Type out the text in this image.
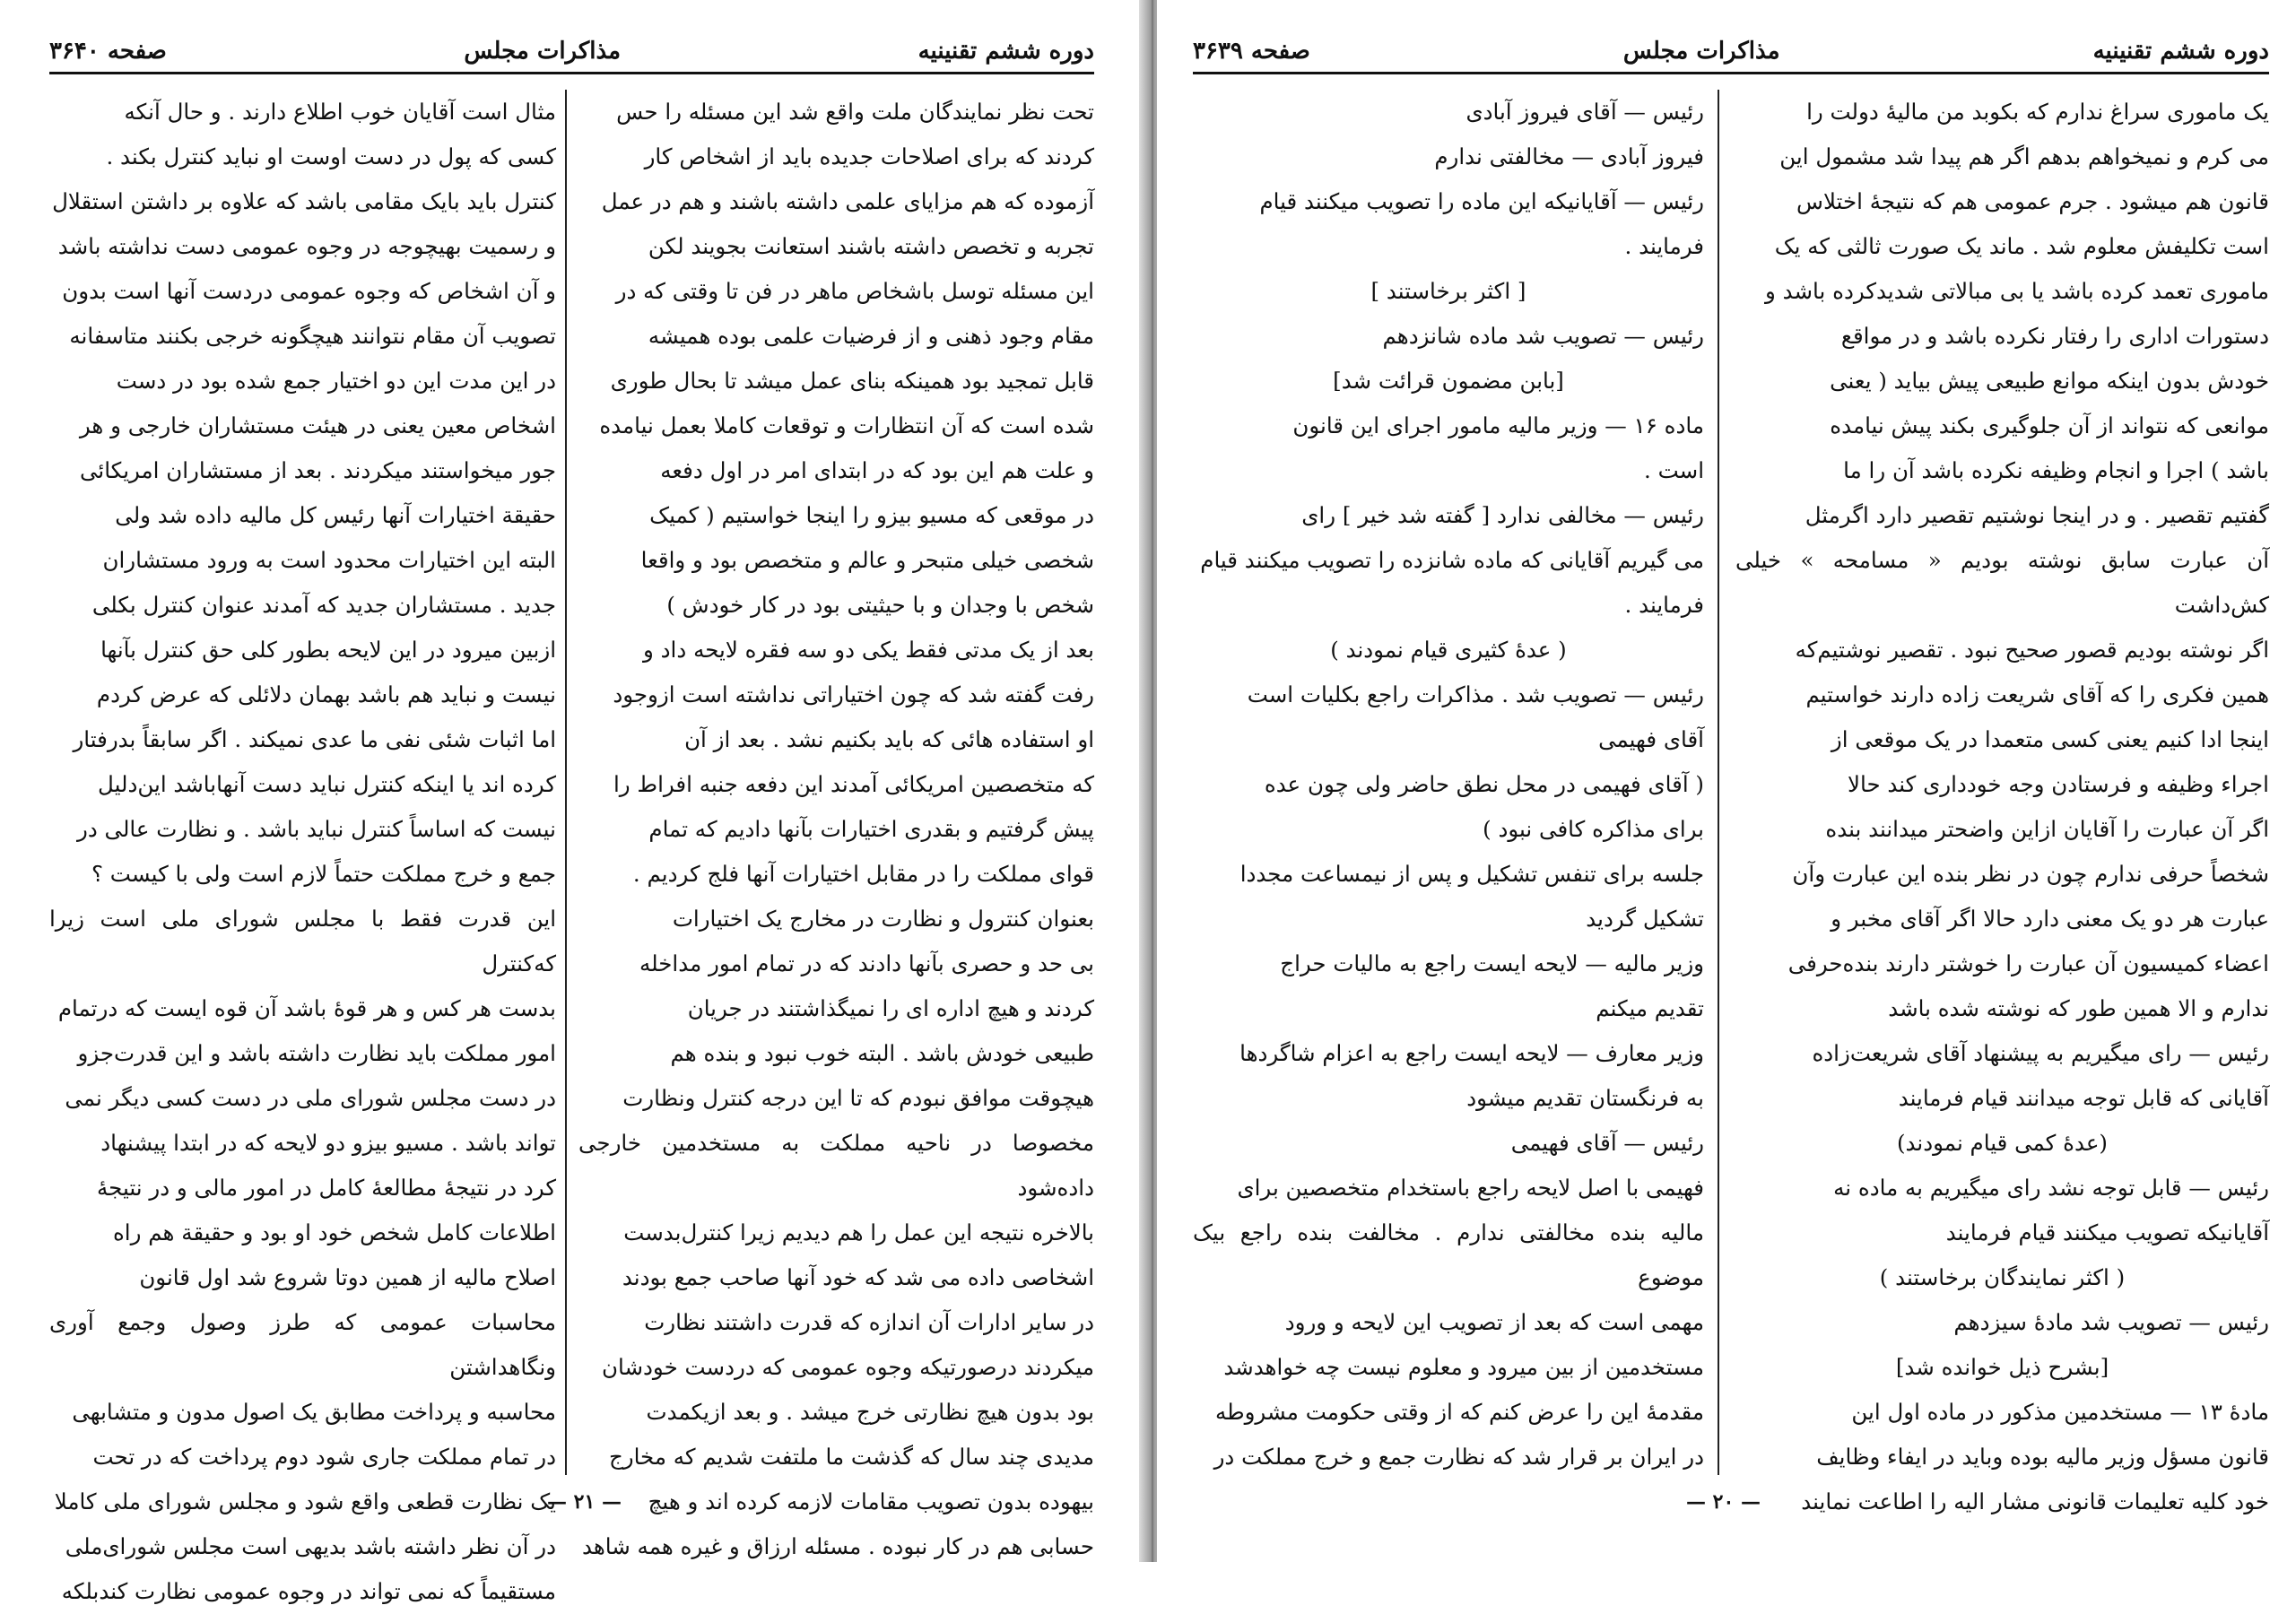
صفحه ۳۶۴۰	مذاکرات مجلس	دوره ششم تقنینیه

تحت نظر نمایندگان ملت واقع شد این مسئله را حس

کردند که برای اصلاحات جدیده باید از اشخاص کار

آزموده که هم مزایای علمی داشته باشند و هم در عمل

تجربه و تخصص داشته باشند استعانت بجویند لکن

این مسئله توسل باشخاص ماهر در فن تا وقتی که در

مقام وجود ذهنی و از فرضیات علمی بوده همیشه

قابل تمجید بود همینکه بنای عمل میشد تا بحال طوری

شده است که آن انتظارات و توقعات کاملا بعمل نیامده

و علت هم این بود که در ابتدای امر در اول دفعه

در موقعی که مسیو بیزو را اینجا خواستیم ( کمیک

شخصی خیلی متبحر و عالم و متخصص بود و واقعا

شخص با وجدان و با حیثیتی بود در کار خودش )

بعد از یک مدتی فقط یکی دو سه فقره لایحه داد و

رفت گفته شد که چون اختیاراتی نداشته است ازوجود

او استفاده هائی که باید بکنیم نشد . بعد از آن

که متخصصین امریکائی آمدند این دفعه جنبه افراط را

پیش گرفتیم و بقدری اختیارات بآنها دادیم که تمام

قوای مملکت را در مقابل اختیارات آنها فلج کردیم .

بعنوان کنترول و نظارت در مخارج یک اختیارات

بی حد و حصری بآنها دادند که در تمام امور مداخله

کردند و هیچ اداره ای را نمیگذاشتند در جریان

طبیعی خودش باشد . البته خوب نبود و بنده هم

هیچوقت موافق نبودم که تا این درجه کنترل ونظارت

مخصوصا در ناحیه مملکت به مستخدمین خارجی داده‌شود

بالاخره نتیجه این عمل را هم دیدیم زیرا کنترل‌بدست

اشخاصی داده می شد که خود آنها صاحب جمع بودند

در سایر ادارات آن اندازه که قدرت داشتند نظارت

میکردند درصورتیکه وجوه عمومی که دردست خودشان

بود بدون هیچ نظارتی خرج میشد . و بعد ازیکمدت

مدیدی چند سال که گذشت ما ملتفت شدیم که مخارج

بیهوده بدون تصویب مقامات لازمه کرده اند و هیچ

حسابی هم در کار نبوده . مسئله ارزاق و غیره همه شاهد

مثال است آقایان خوب اطلاع دارند . و حال آنکه

کسی که پول در دست اوست او نباید کنترل بکند .

کنترل باید بایک مقامی باشد که علاوه بر داشتن استقلال

و رسمیت بهیچوجه در وجوه عمومی دست نداشته باشد

و آن اشخاص که وجوه عمومی دردست آنها است بدون

تصویب آن مقام نتوانند هیچگونه خرجی بکنند متاسفانه

در این مدت این دو اختیار جمع شده بود در دست

اشخاص معین یعنی در هیئت مستشاران خارجی و هر

جور میخواستند میکردند . بعد از مستشاران امریکائی

حقیقة اختیارات آنها رئیس کل مالیه داده شد ولی

البته این اختیارات محدود است به ورود مستشاران

جدید . مستشاران جدید که آمدند عنوان کنترل بکلی

ازبین میرود در این لایحه بطور کلی حق کنترل بآنها

نیست و نباید هم باشد بهمان دلائلی که عرض کردم

اما اثبات شئی نفی ما عدی نمیکند . اگر سابقاً بدرفتار

کرده اند یا اینکه کنترل نباید دست آنهاباشد این‌دلیل

نیست که اساساً کنترل نباید باشد . و نظارت عالی در

جمع و خرج مملکت حتماً لازم است ولی با کیست ؟

این قدرت فقط با مجلس شورای ملی است زیرا که‌کنترل

بدست هر کس و هر قوهٔ باشد آن قوه ایست که درتمام

امور مملکت باید نظارت داشته باشد و این قدرت‌جزو

در دست مجلس شورای ملی در دست کسی دیگر نمی

تواند باشد . مسیو بیزو دو لایحه که در ابتدا پیشنهاد

کرد در نتیجهٔ مطالعهٔ کامل در امور مالی و در نتیجهٔ

اطلاعات کامل شخص خود او بود و حقیقة هم راه

اصلاح مالیه از همین دوتا شروع شد اول قانون

محاسبات عمومی که طرز وصول وجمع آوری ونگاهداشتن

محاسبه و پرداخت مطابق یک اصول مدون و متشابهی

در تمام مملکت جاری شود دوم پرداخت که در تحت

یک نظارت قطعی واقع شود و مجلس شورای ملی کاملا

در آن نظر داشته باشد بدیهی است مجلس شورای‌ملی

مستقیماً که نمی تواند در وجوه عمومی نظارت کند‌بلکه

— ۲۱ —
صفحه ۳۶۳۹	مذاکرات مجلس	دوره ششم تقنینیه

یک ماموری سراغ ندارم که بکوبد من مالیهٔ دولت را

می کرم و نمیخواهم بدهم اگر هم پیدا شد مشمول این

قانون هم میشود . جرم عمومی هم که نتیجهٔ اختلاس

است تکلیفش معلوم شد . ماند یک صورت ثالثی که یک

ماموری تعمد کرده باشد یا بی مبالاتی شدیدکرده باشد و

دستورات اداری را رفتار نکرده باشد و در مواقع

خودش بدون اینکه موانع طبیعی پیش بیاید ( یعنی

موانعی که نتواند از آن جلوگیری بکند پیش نیامده

باشد ) اجرا و انجام وظیفه نکرده باشد آن را ما

گفتیم تقصیر . و در اینجا نوشتیم تقصیر دارد اگرمثل

آن عبارت سابق نوشته بودیم « مسامحه » خیلی کش‌داشت

اگر نوشته بودیم قصور صحیح نبود . تقصیر نوشتیم‌که

همین فکری را که آقای شریعت زاده دارند خواستیم

اینجا ادا کنیم یعنی کسی متعمدا در یک موقعی از

اجراء وظیفه و فرستادن وجه خودداری کند حالا

اگر آن عبارت را آقایان ازاین واضحتر میدانند بنده

شخصاً حرفی ندارم چون در نظر بنده این عبارت وآن

عبارت هر دو یک معنی دارد حالا اگر آقای مخبر و

اعضاء کمیسیون آن عبارت را خوشتر دارند بنده‌حرفی

ندارم و الا همین طور که نوشته شده باشد

رئیس — رای میگیریم به پیشنهاد آقای شریعت‌زاده

آقایانی که قابل توجه میدانند قیام فرمایند

(عدهٔ کمی قیام نمودند)

رئیس — قابل توجه نشد رای میگیریم به ماده نه

آقایانیکه تصویب میکنند قیام فرمایند

( اکثر نمایندگان برخاستند )

رئیس — تصویب شد مادهٔ سیزدهم

[بشرح ذیل خوانده شد]

مادهٔ ۱۳ — مستخدمین مذکور در ماده اول این

قانون مسؤل وزیر مالیه بوده وباید در ایفاء وظایف

خود کلیه تعلیمات قانونی مشار الیه را اطاعت نمایند

رئیس — آقای فیروز آبادی

فیروز آبادی — مخالفتی ندارم

رئیس — آقایانیکه این ماده را تصویب میکنند قیام

فرمایند .

[ اکثر برخاستند ]

رئیس — تصویب شد ماده شانزدهم

[بابن مضمون قرائت شد]

ماده ۱۶ — وزیر مالیه مامور اجرای این قانون

است .

رئیس — مخالفی ندارد [ گفته شد خیر ] رای

می گیریم آقایانی که ماده شانزده را تصویب میکنند قیام

فرمایند .

( عدهٔ کثیری قیام نمودند )

رئیس — تصویب شد . مذاکرات راجع بکلیات است

آقای فهیمی

( آقای فهیمی در محل نطق حاضر ولی چون عده

برای مذاکره کافی نبود )

جلسه برای تنفس تشکیل و پس از نیمساعت مجددا

تشکیل گردید

وزیر مالیه — لایحه ایست راجع به مالیات حراج

تقدیم میکنم

وزیر معارف — لایحه ایست راجع به اعزام شاگردها

به فرنگستان تقدیم میشود

رئیس — آقای فهیمی

فهیمی با اصل لایحه راجع باستخدام متخصصین برای

مالیه بنده مخالفتی ندارم . مخالفت بنده راجع بیک موضوع

مهمی است که بعد از تصویب این لایحه و ورود

مستخدمین از بین میرود و معلوم نیست چه خواهدشد

مقدمهٔ این را عرض کنم که از وقتی حکومت مشروطه

در ایران بر قرار شد که نظارت جمع و خرج مملکت در

— ۲۰ —
